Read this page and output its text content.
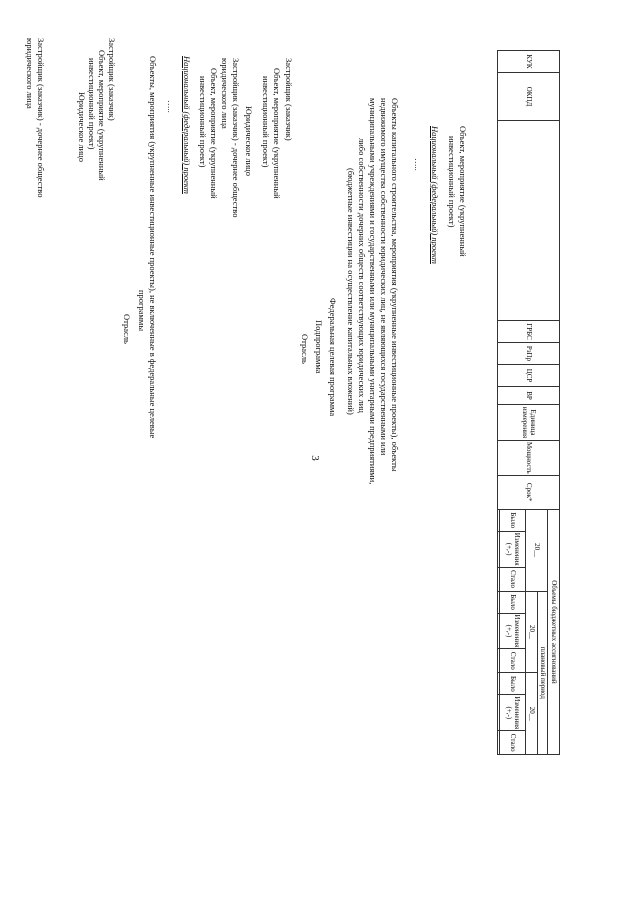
3
КУК	ОКПД		ГРБС	РзПр	ЦСР	ВР	Единица измерения	Мощность	Срок*	Объемы бюджетных ассигнований								
										20__			плановый период					
													20__			20__		
										Было	Изменения (+,-)	Стало	Было	Изменения (+,-)	Стало	Было	Изменения (+,-)	Стало

Объект, мероприятие (укрупненный
инвестиционный проект)
Национальный (федеральный) проект
…..
Объекты капитального строительства, мероприятия (укрупненные инвестиционные проекты), объекты
недвижимого имущества собственности юридических лиц, не являющихся государственными или
муниципальными учреждениями и государственными или муниципальными унитарными предприятиями,
либо собственности дочерних обществ соответствующих юридических лиц
(бюджетные инвестиции на осуществление капитальных вложений)
Федеральная целевая программа
Подпрограмма
Отрасль
Застройщик (заказчик)
Объект, мероприятие (укрупненный
инвестиционный проект)
Юридическое лицо
Застройщик (заказчик) - дочернее общество
юридического лица
Объект, мероприятие (укрупненный
инвестиционный проект)
Национальный (федеральный) проект
…..
Объекты, мероприятия (укрупненные инвестиционные проекты), не включенные в федеральные целевые
программы
Отрасль
Застройщик (заказчик)
Объект, мероприятие (укрупненный
инвестиционный проект)
Юридическое лицо
Застройщик (заказчик) - дочернее общество
юридического лица
